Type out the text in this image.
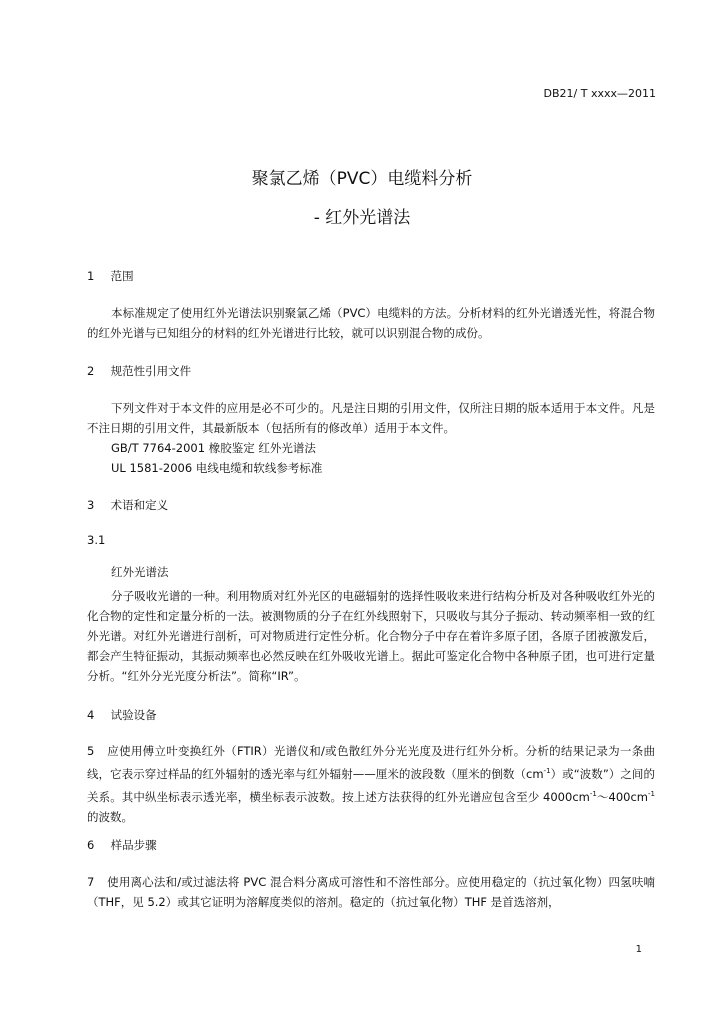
DB21/ T xxxx—2011
聚氯乙烯（PVC）电缆料分析
- 红外光谱法
1 范围

本标准规定了使用红外光谱法识别聚氯乙烯（PVC）电缆料的方法。分析材料的红外光谱透光性，将混合物的红外光谱与已知组分的材料的红外光谱进行比较，就可以识别混合物的成份。

2 规范性引用文件

下列文件对于本文件的应用是必不可少的。凡是注日期的引用文件，仅所注日期的版本适用于本文件。凡是不注日期的引用文件，其最新版本（包括所有的修改单）适用于本文件。

GB/T 7764-2001 橡胶鉴定 红外光谱法
UL 1581-2006 电线电缆和软线参考标准
3 术语和定义
3.1
红外光谱法

分子吸收光谱的一种。利用物质对红外光区的电磁辐射的选择性吸收来进行结构分析及对各种吸收红外光的化合物的定性和定量分析的一法。被测物质的分子在红外线照射下，只吸收与其分子振动、转动频率相一致的红外光谱。对红外光谱进行剖析，可对物质进行定性分析。化合物分子中存在着许多原子团，各原子团被激发后，都会产生特征振动，其振动频率也必然反映在红外吸收光谱上。据此可鉴定化合物中各种原子团，也可进行定量分析。“红外分光光度分析法”。简称“IR”。

4 试验设备

5 应使用傅立叶变换红外（FTIR）光谱仪和/或色散红外分光光度及进行红外分析。分析的结果记录为一条曲线，它表示穿过样品的红外辐射的透光率与红外辐射——厘米的波段数（厘米的倒数$(cm^{-1})$或“波数”）之间的关系。其中纵坐标表示透光率，横坐标表示波数。按上述方法获得的红外光谱应包含至少 $4000cm^{-1}\sim 400cm^{-1}$的波数。

6 样品步骤

7 使用离心法和/或过滤法将 PVC 混合料分离成可溶性和不溶性部分。应使用稳定的（抗过氧化物）四氢呋喃（THF，见 5.2）或其它证明为溶解度类似的溶剂。稳定的（抗过氧化物）THF 是首选溶剂，

1
